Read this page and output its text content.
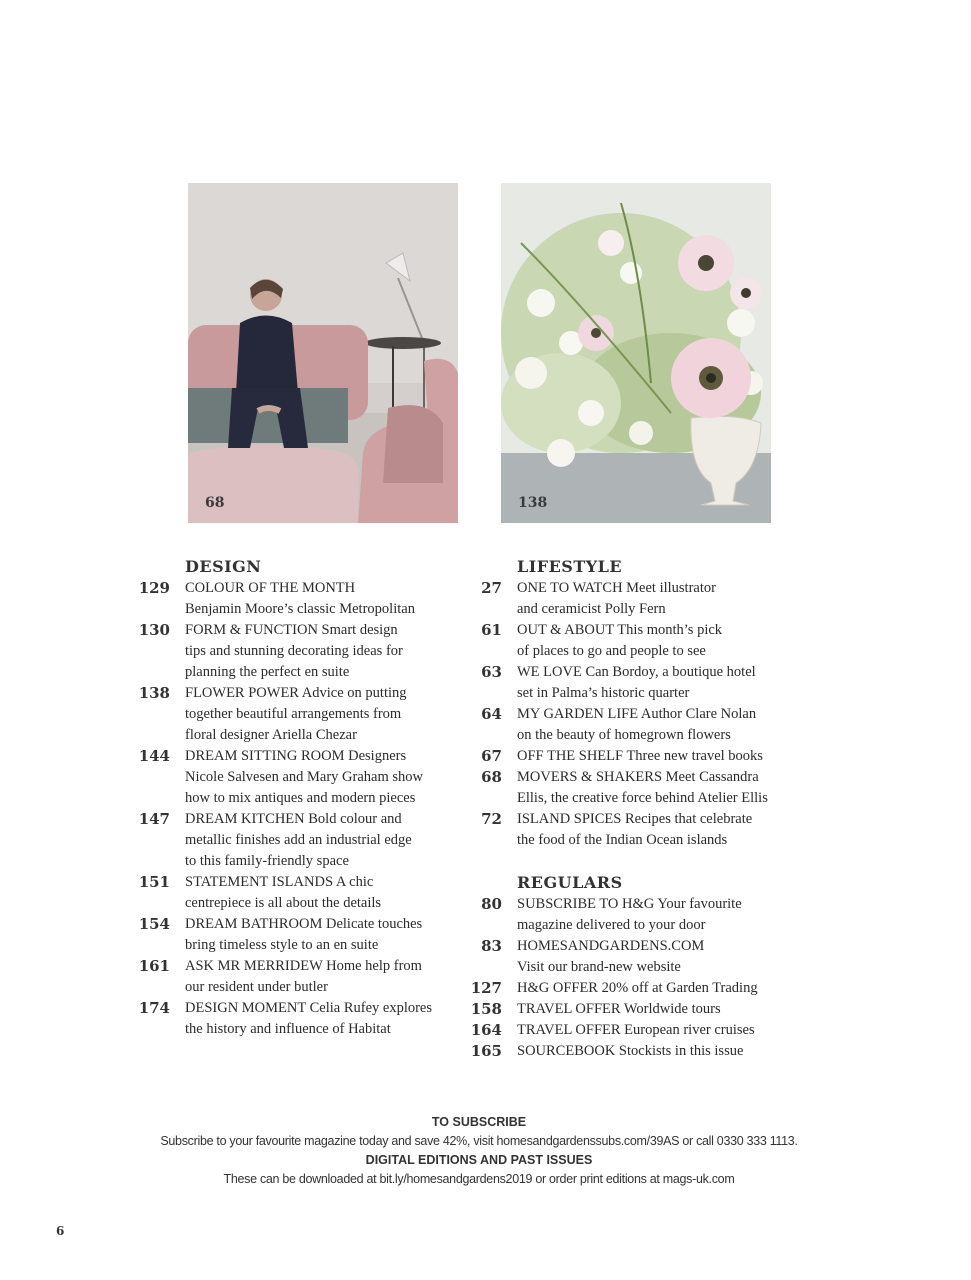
68	138
DESIGN
129 COLOUR OF THE MONTH
Benjamin Moore’s classic Metropolitan
130 FORM & FUNCTION Smart design
tips and stunning decorating ideas for
planning the perfect en suite
138 FLOWER POWER Advice on putting
together beautiful arrangements from
floral designer Ariella Chezar
144 DREAM SITTING ROOM Designers
Nicole Salvesen and Mary Graham show
how to mix antiques and modern pieces
147 DREAM KITCHEN Bold colour and
metallic finishes add an industrial edge
to this family-friendly space
151 STATEMENT ISLANDS A chic
centrepiece is all about the details
154 DREAM BATHROOM Delicate touches
bring timeless style to an en suite
161 ASK MR MERRIDEW Home help from
our resident under butler
174 DESIGN MOMENT Celia Rufey explores
the history and influence of Habitat
LIFESTYLE
27 ONE TO WATCH Meet illustrator
and ceramicist Polly Fern
61 OUT & ABOUT This month’s pick
of places to go and people to see
63 WE LOVE Can Bordoy, a boutique hotel
set in Palma’s historic quarter
64 MY GARDEN LIFE Author Clare Nolan
on the beauty of homegrown flowers
67 OFF THE SHELF Three new travel books
68 MOVERS & SHAKERS Meet Cassandra
Ellis, the creative force behind Atelier Ellis
72 ISLAND SPICES Recipes that celebrate
the food of the Indian Ocean islands
REGULARS
80 SUBSCRIBE TO H&G Your favourite
magazine delivered to your door
83 HOMESANDGARDENS.COM
Visit our brand-new website
127 H&G OFFER 20% off at Garden Trading
158 TRAVEL OFFER Worldwide tours
164 TRAVEL OFFER European river cruises
165 SOURCEBOOK Stockists in this issue
TO SUBSCRIBE
Subscribe to your favourite magazine today and save 42%, visit homesandgardenssubs.com/39AS or call 0330 333 1113.
DIGITAL EDITIONS AND PAST ISSUES
These can be downloaded at bit.ly/homesandgardens2019 or order print editions at mags-uk.com
6
